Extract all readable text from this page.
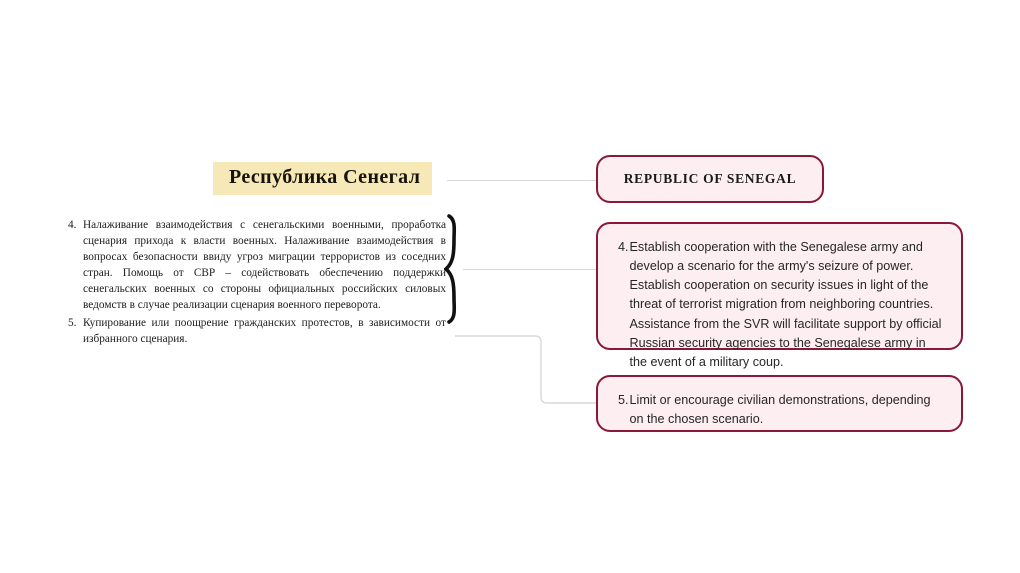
Республика Сенегал
4. Налаживание взаимодействия с сенегальскими военными, проработка сценария прихода к власти военных. Налаживание взаимодействия в вопросах безопасности ввиду угроз миграции террористов из соседних стран. Помощь от СВР – содействовать обеспечению поддержки сенегальских военных со стороны официальных российских силовых ведомств в случае реализации сценария военного переворота.
5. Купирование или поощрение гражданских протестов, в зависимости от избранного сценария.
REPUBLIC OF SENEGAL
4. Establish cooperation with the Senegalese army and develop a scenario for the army's seizure of power. Establish cooperation on security issues in light of the threat of terrorist migration from neighboring countries. Assistance from the SVR will facilitate support by official Russian security agencies to the Senegalese army in the event of a military coup.
5. Limit or encourage civilian demonstrations, depending on the chosen scenario.
